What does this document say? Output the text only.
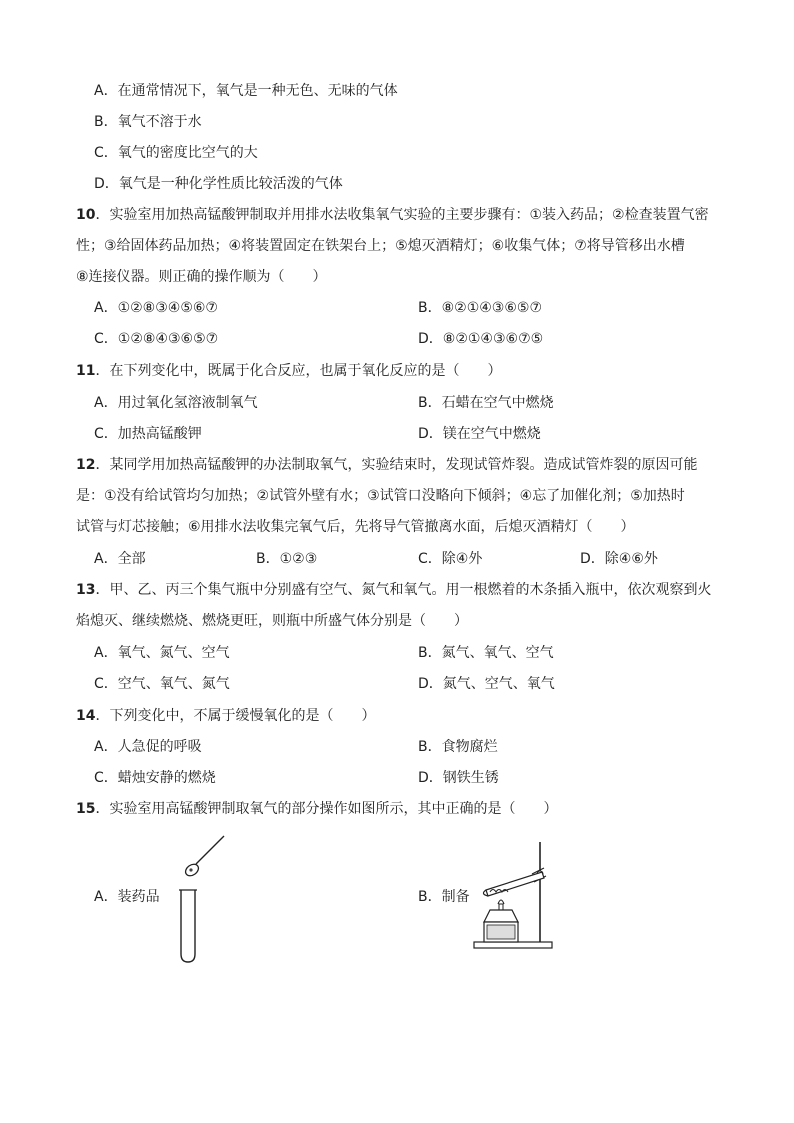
A．在通常情况下，氧气是一种无色、无味的气体
B．氧气不溶于水
C．氧气的密度比空气的大
D．氧气是一种化学性质比较活泼的气体
10．实验室用加热高锰酸钾制取并用排水法收集氧气实验的主要步骤有：①装入药品；②检查装置气密
性；③给固体药品加热；④将装置固定在铁架台上；⑤熄灭酒精灯；⑥收集气体；⑦将导管移出水槽
⑧连接仪器。则正确的操作顺为（　　）
A．①②⑧③④⑤⑥⑦	B．⑧②①④③⑥⑤⑦
C．①②⑧④③⑥⑤⑦	D．⑧②①④③⑥⑦⑤
11．在下列变化中，既属于化合反应，也属于氧化反应的是（　　）
A．用过氧化氢溶液制氧气	B．石蜡在空气中燃烧
C．加热高锰酸钾	D．镁在空气中燃烧
12．某同学用加热高锰酸钾的办法制取氧气，实验结束时，发现试管炸裂。造成试管炸裂的原因可能
是：①没有给试管均匀加热；②试管外壁有水；③试管口没略向下倾斜；④忘了加催化剂；⑤加热时
试管与灯芯接触；⑥用排水法收集完氧气后，先将导气管撤离水面，后熄灭酒精灯（　　）
A．全部	B．①②③	C．除④外	D．除④⑥外
13．甲、乙、丙三个集气瓶中分别盛有空气、氮气和氧气。用一根燃着的木条插入瓶中，依次观察到火
焰熄灭、继续燃烧、燃烧更旺，则瓶中所盛气体分别是（　　）
A．氧气、氮气、空气	B．氮气、氧气、空气
C．空气、氧气、氮气	D．氮气、空气、氧气
14．下列变化中，不属于缓慢氧化的是（　　）
A．人急促的呼吸	B．食物腐烂
C．蜡烛安静的燃烧	D．钢铁生锈
15．实验室用高锰酸钾制取氧气的部分操作如图所示，其中正确的是（　　）
A．装药品	B．制备
